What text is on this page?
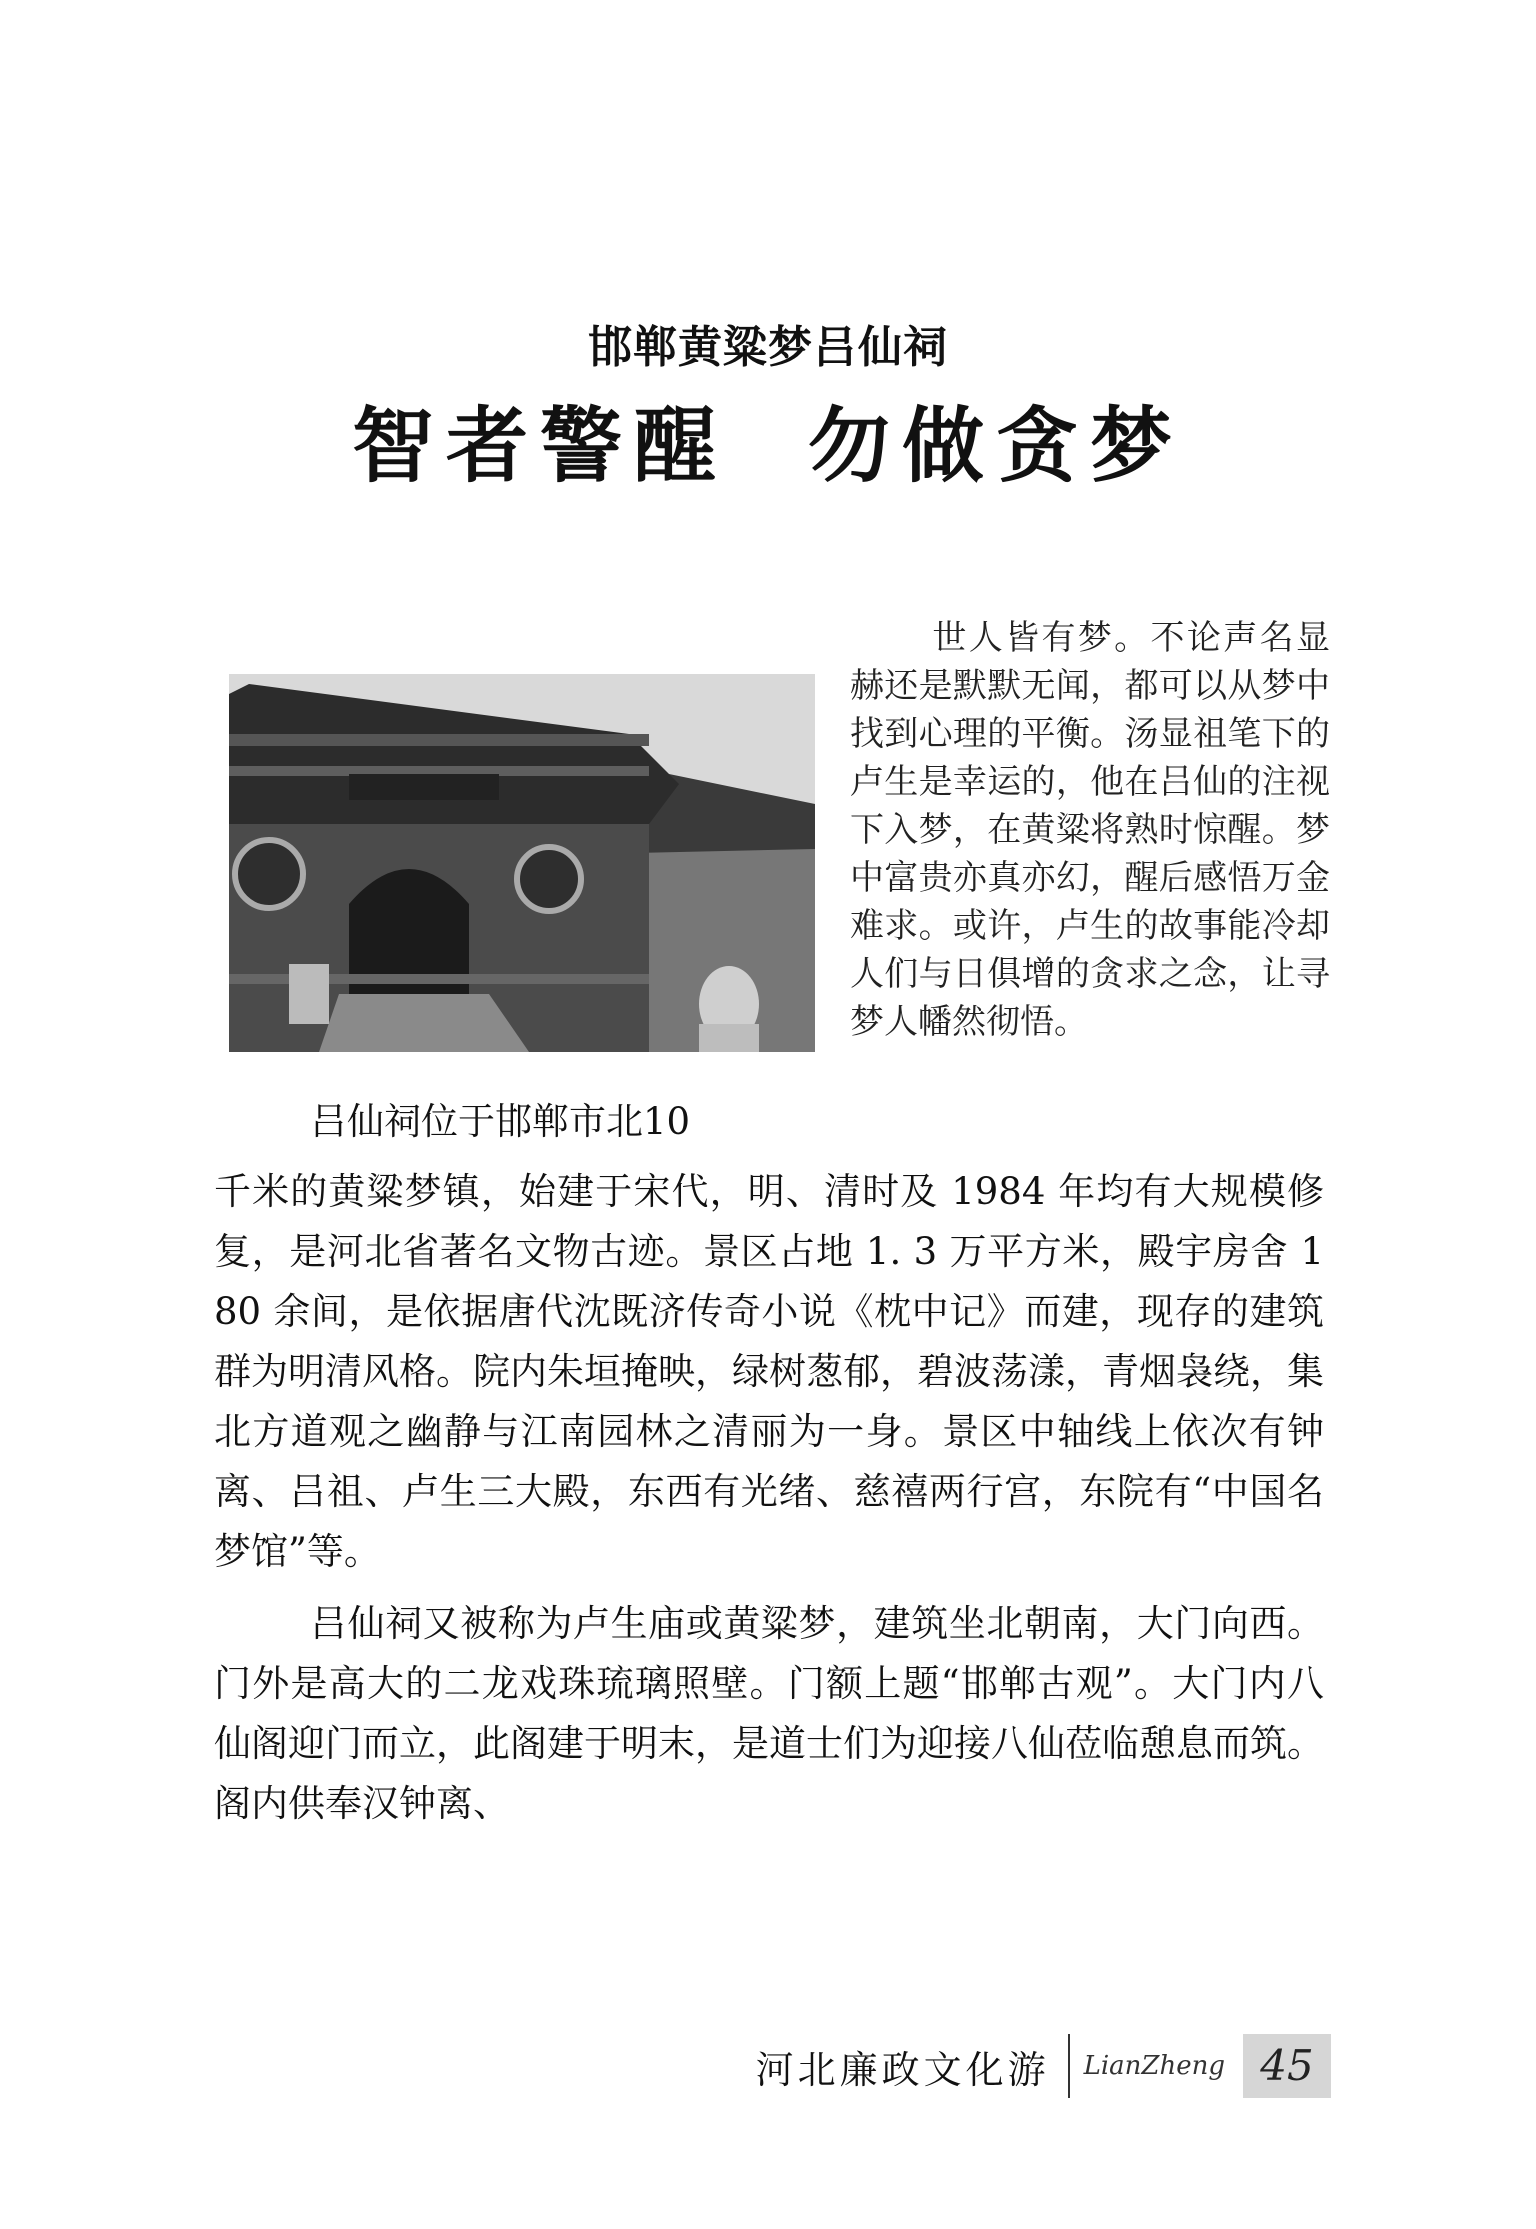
邯郸黄粱梦吕仙祠
智者警醒 勿做贪梦
世人皆有梦。不论声名显赫还是默默无闻，都可以从梦中找到心理的平衡。汤显祖笔下的卢生是幸运的，他在吕仙的注视下入梦，在黄粱将熟时惊醒。梦中富贵亦真亦幻，醒后感悟万金难求。或许，卢生的故事能冷却人们与日俱增的贪求之念，让寻梦人幡然彻悟。
吕仙祠位于邯郸市北10

千米的黄粱梦镇，始建于宋代，明、清时及 1984 年均有大规模修复，是河北省著名文物古迹。景区占地 1. 3 万平方米，殿宇房舍 180 余间，是依据唐代沈既济传奇小说《枕中记》而建，现存的建筑群为明清风格。院内朱垣掩映，绿树葱郁，碧波荡漾，青烟袅绕，集北方道观之幽静与江南园林之清丽为一身。景区中轴线上依次有钟离、吕祖、卢生三大殿，东西有光绪、慈禧两行宫，东院有“中国名梦馆”等。

吕仙祠又被称为卢生庙或黄粱梦，建筑坐北朝南，大门向西。门外是高大的二龙戏珠琉璃照壁。门额上题“邯郸古观”。大门内八仙阁迎门而立，此阁建于明末，是道士们为迎接八仙莅临憩息而筑。阁内供奉汉钟离、

河北廉政文化游 LianZheng 45
